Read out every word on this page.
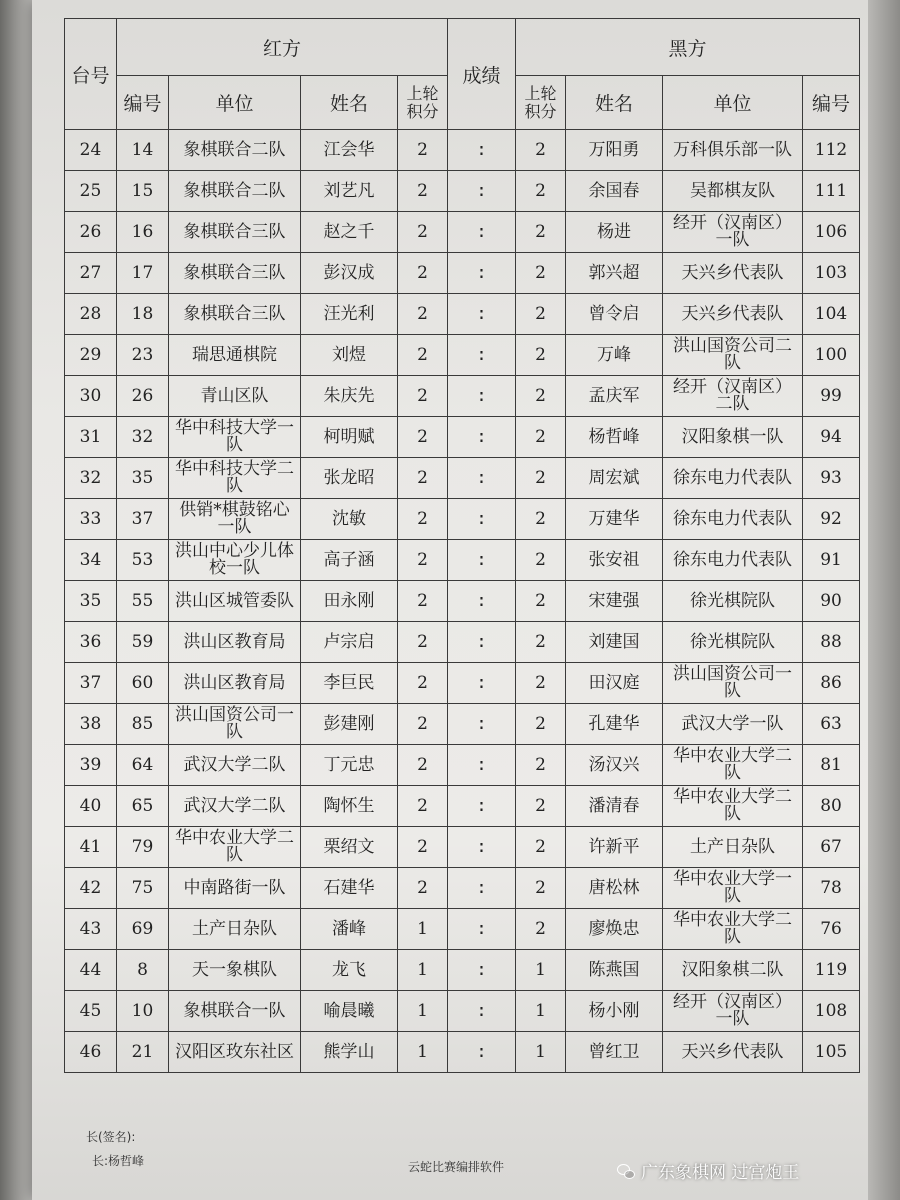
台号	红方				成绩	黑方			
	编号	单位	姓名	上轮积分		上轮积分	姓名	单位	编号
24	14	象棋联合二队	江会华	2	:	2	万阳勇	万科俱乐部一队	112
25	15	象棋联合二队	刘艺凡	2	:	2	余国春	吴都棋友队	111
26	16	象棋联合三队	赵之千	2	:	2	杨进	经开（汉南区）一队	106
27	17	象棋联合三队	彭汉成	2	:	2	郭兴超	天兴乡代表队	103
28	18	象棋联合三队	汪光利	2	:	2	曾令启	天兴乡代表队	104
29	23	瑞思通棋院	刘煜	2	:	2	万峰	洪山国资公司二队	100
30	26	青山区队	朱庆先	2	:	2	孟庆军	经开（汉南区）二队	99
31	32	华中科技大学一队	柯明赋	2	:	2	杨哲峰	汉阳象棋一队	94
32	35	华中科技大学二队	张龙昭	2	:	2	周宏斌	徐东电力代表队	93
33	37	供销*棋鼓铭心一队	沈敏	2	:	2	万建华	徐东电力代表队	92
34	53	洪山中心少儿体校一队	高子涵	2	:	2	张安祖	徐东电力代表队	91
35	55	洪山区城管委队	田永刚	2	:	2	宋建强	徐光棋院队	90
36	59	洪山区教育局	卢宗启	2	:	2	刘建国	徐光棋院队	88
37	60	洪山区教育局	李巨民	2	:	2	田汉庭	洪山国资公司一队	86
38	85	洪山国资公司一队	彭建刚	2	:	2	孔建华	武汉大学一队	63
39	64	武汉大学二队	丁元忠	2	:	2	汤汉兴	华中农业大学二队	81
40	65	武汉大学二队	陶怀生	2	:	2	潘清春	华中农业大学二队	80
41	79	华中农业大学二队	栗绍文	2	:	2	许新平	土产日杂队	67
42	75	中南路街一队	石建华	2	:	2	唐松林	华中农业大学一队	78
43	69	土产日杂队	潘峰	1	:	2	廖焕忠	华中农业大学二队	76
44	8	天一象棋队	龙飞	1	:	1	陈燕国	汉阳象棋二队	119
45	10	象棋联合一队	喻晨曦	1	:	1	杨小刚	经开（汉南区）一队	108
46	21	汉阳区玫东社区	熊学山	1	:	1	曾红卫	天兴乡代表队	105
长(签名):
长:杨哲峰	云蛇比赛编排软件	广东象棋网 过宫炮王
